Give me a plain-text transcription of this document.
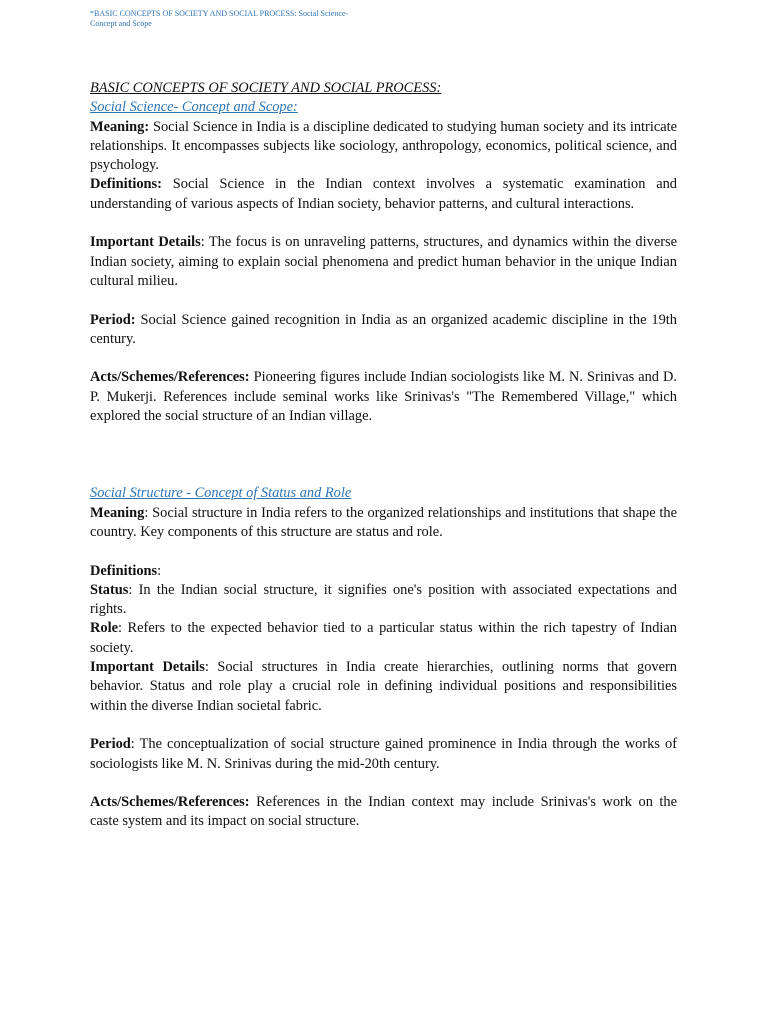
*BASIC CONCEPTS OF SOCIETY AND SOCIAL PROCESS: Social Science- Concept and Scope

BASIC CONCEPTS OF SOCIETY AND SOCIAL PROCESS:

Social Science- Concept and Scope:

Meaning: Social Science in India is a discipline dedicated to studying human society and its intricate relationships. It encompasses subjects like sociology, anthropology, economics, political science, and psychology.

Definitions: Social Science in the Indian context involves a systematic examination and understanding of various aspects of Indian society, behavior patterns, and cultural interactions.

Important Details: The focus is on unraveling patterns, structures, and dynamics within the diverse Indian society, aiming to explain social phenomena and predict human behavior in the unique Indian cultural milieu.

Period: Social Science gained recognition in India as an organized academic discipline in the 19th century.

Acts/Schemes/References: Pioneering figures include Indian sociologists like M. N. Srinivas and D. P. Mukerji. References include seminal works like Srinivas's "The Remembered Village," which explored the social structure of an Indian village.

Social Structure - Concept of Status and Role

Meaning: Social structure in India refers to the organized relationships and institutions that shape the country. Key components of this structure are status and role.

Definitions:

Status: In the Indian social structure, it signifies one's position with associated expectations and rights.

Role: Refers to the expected behavior tied to a particular status within the rich tapestry of Indian society.

Important Details: Social structures in India create hierarchies, outlining norms that govern behavior. Status and role play a crucial role in defining individual positions and responsibilities within the diverse Indian societal fabric.

Period: The conceptualization of social structure gained prominence in India through the works of sociologists like M. N. Srinivas during the mid-20th century.

Acts/Schemes/References: References in the Indian context may include Srinivas's work on the caste system and its impact on social structure.
